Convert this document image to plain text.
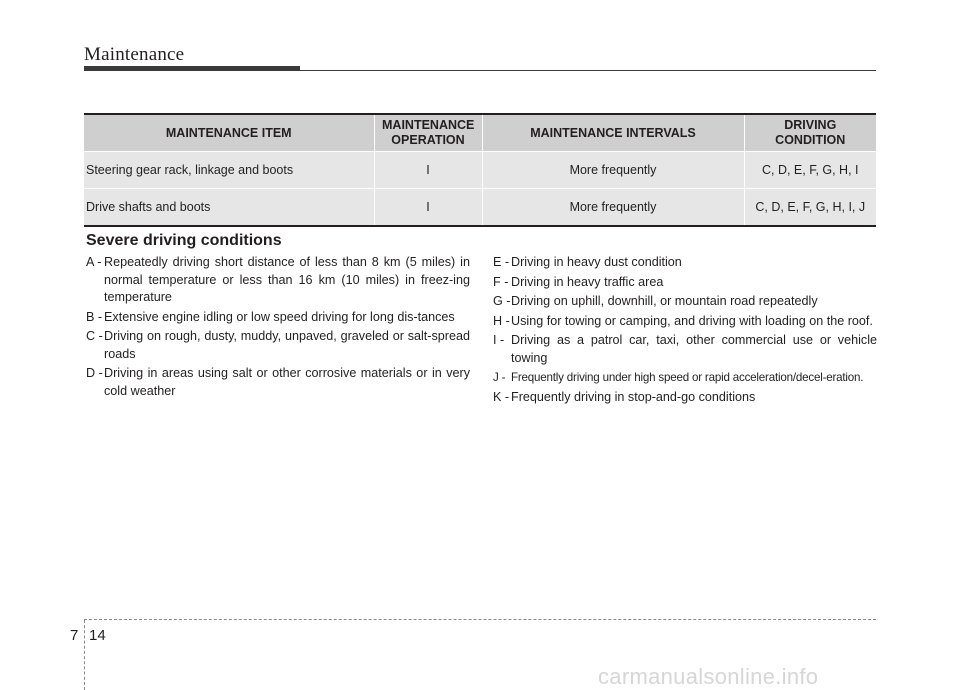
Maintenance
MAINTENANCE ITEM	MAINTENANCE OPERATION	MAINTENANCE INTERVALS	DRIVING CONDITION
Steering gear rack, linkage and boots	I	More frequently	C, D, E, F, G, H, I
Drive shafts and boots	I	More frequently	C, D, E, F, G, H, I, J
Severe driving conditions
A - Repeatedly driving short distance of less than 8 km (5 miles) in normal temperature or less than 16 km (10 miles) in freez-ing temperature
B - Extensive engine idling or low speed driving for long dis-tances
C - Driving on rough, dusty, muddy, unpaved, graveled or salt-spread roads
D - Driving in areas using salt or other corrosive materials or in very cold weather
E - Driving in heavy dust condition
F - Driving in heavy traffic area
G - Driving on uphill, downhill, or mountain road repeatedly
H - Using for towing or camping, and driving with loading on the roof.
I - Driving as a patrol car, taxi, other commercial use or vehicle towing
J - Frequently driving under high speed or rapid acceleration/decel-eration.
K - Frequently driving in stop-and-go conditions
7 14
carmanualsonline.info
